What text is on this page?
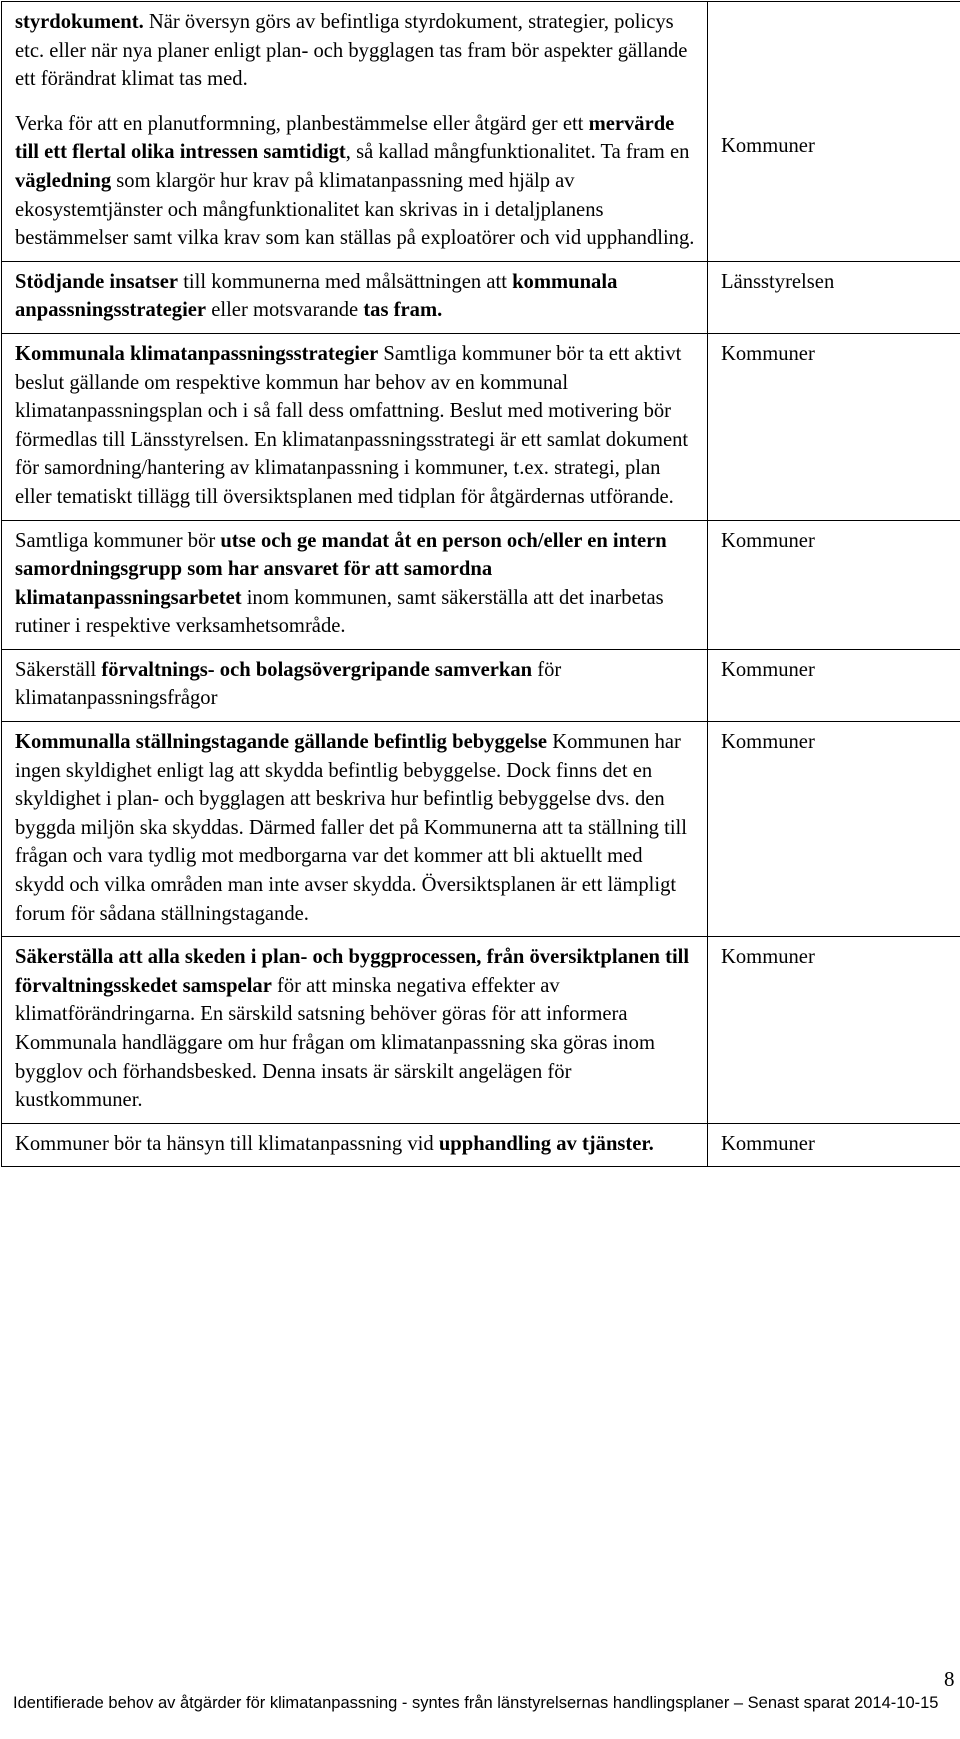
styrdokument. När översyn görs av befintliga styrdokument, strategier, policys etc. eller när nya planer enligt plan- och bygglagen tas fram bör aspekter gällande ett förändrat klimat tas med.

Verka för att en planutformning, planbestämmelse eller åtgärd ger ett mervärde till ett flertal olika intressen samtidigt, så kallad mångfunktionalitet. Ta fram en vägledning som klargör hur krav på klimatanpassning med hjälp av ekosystemtjänster och mångfunktionalitet kan skrivas in i detaljplanens bestämmelser samt vilka krav som kan ställas på exploatörer och vid upphandling.	Kommuner

Stödjande insatser till kommunerna med målsättningen att kommunala anpassningsstrategier eller motsvarande tas fram.	Länsstyrelsen

Kommunala klimatanpassningsstrategier Samtliga kommuner bör ta ett aktivt beslut gällande om respektive kommun har behov av en kommunal klimatanpassningsplan och i så fall dess omfattning. Beslut med motivering bör förmedlas till Länsstyrelsen. En klimatanpassningsstrategi är ett samlat dokument för samordning/hantering av klimatanpassning i kommuner, t.ex. strategi, plan eller tematiskt tillägg till översiktsplanen med tidplan för åtgärdernas utförande.	Kommuner

Samtliga kommuner bör utse och ge mandat åt en person och/eller en intern samordningsgrupp som har ansvaret för att samordna klimatanpassningsarbetet inom kommunen, samt säkerställa att det inarbetas rutiner i respektive verksamhetsområde.	Kommuner

Säkerställ förvaltnings- och bolagsövergripande samverkan för klimatanpassningsfrågor	Kommuner

Kommunalla ställningstagande gällande befintlig bebyggelse Kommunen har ingen skyldighet enligt lag att skydda befintlig bebyggelse. Dock finns det en skyldighet i plan- och bygglagen att beskriva hur befintlig bebyggelse dvs. den byggda miljön ska skyddas. Därmed faller det på Kommunerna att ta ställning till frågan och vara tydlig mot medborgarna var det kommer att bli aktuellt med skydd och vilka områden man inte avser skydda. Översiktsplanen är ett lämpligt forum för sådana ställningstagande.	Kommuner

Säkerställa att alla skeden i plan- och byggprocessen, från översiktplanen till förvaltningsskedet samspelar för att minska negativa effekter av klimatförändringarna. En särskild satsning behöver göras för att informera Kommunala handläggare om hur frågan om klimatanpassning ska göras inom bygglov och förhandsbesked. Denna insats är särskilt angelägen för kustkommuner.	Kommuner

Kommuner bör ta hänsyn till klimatanpassning vid upphandling av tjänster.	Kommuner

8
Identifierade behov av åtgärder för klimatanpassning - syntes från länstyrelsernas handlingsplaner – Senast sparat 2014-10-15
